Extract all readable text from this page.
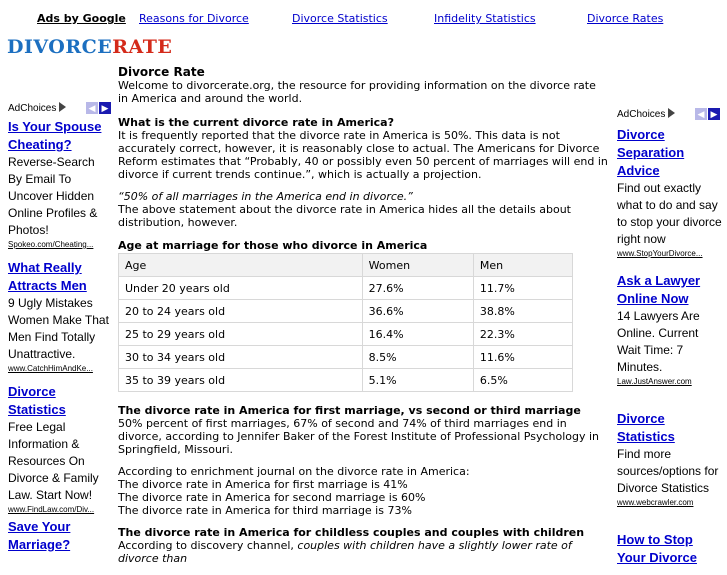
Ads by Google Reasons for Divorce	Divorce Statistics	Infidelity Statistics	Divorce Rates
DIVORCERATE
AdChoices	◀ ▶
Is Your Spouse Cheating?
Reverse-Search By Email To Uncover Hidden Online Profiles & Photos!
Spokeo.com/Cheating...
What Really Attracts Men
9 Ugly Mistakes Women Make That Men Find Totally Unattractive.
www.CatchHimAndKe...
Divorce Statistics
Free Legal Information & Resources On Divorce & Family Law. Start Now!
www.FindLaw.com/Div...
Save Your Marriage?
AdChoices	◀ ▶
Divorce Separation Advice
Find out exactly what to do and say to stop your divorce right now
www.StopYourDivorce...
Ask a Lawyer Online Now
14 Lawyers Are Online. Current Wait Time: 7 Minutes.
Law.JustAnswer.com
Divorce Statistics
Find more sources/options for Divorce Statistics
www.webcrawler.com
How to Stop Your Divorce

Divorce Rate
Welcome to divorcerate.org, the resource for providing information on the divorce rate in America and around the world.

What is the current divorce rate in America?
It is frequently reported that the divorce rate in America is 50%. This data is not accurately correct, however, it is reasonably close to actual. The Americans for Divorce Reform estimates that “Probably, 40 or possibly even 50 percent of marriages will end in divorce if current trends continue.”, which is actually a projection.

“50% of all marriages in the America end in divorce.”
The above statement about the divorce rate in America hides all the details about distribution, however.

Age at marriage for those who divorce in America
Age	Women	Men
Under 20 years old	27.6%	11.7%
20 to 24 years old	36.6%	38.8%
25 to 29 years old	16.4%	22.3%
30 to 34 years old	8.5%	11.6%
35 to 39 years old	5.1%	6.5%

The divorce rate in America for first marriage, vs second or third marriage
50% percent of first marriages, 67% of second and 74% of third marriages end in divorce, according to Jennifer Baker of the Forest Institute of Professional Psychology in Springfield, Missouri.

According to enrichment journal on the divorce rate in America:
The divorce rate in America for first marriage is 41%
The divorce rate in America for second marriage is 60%
The divorce rate in America for third marriage is 73%

The divorce rate in America for childless couples and couples with children
According to discovery channel, couples with children have a slightly lower rate of divorce than
